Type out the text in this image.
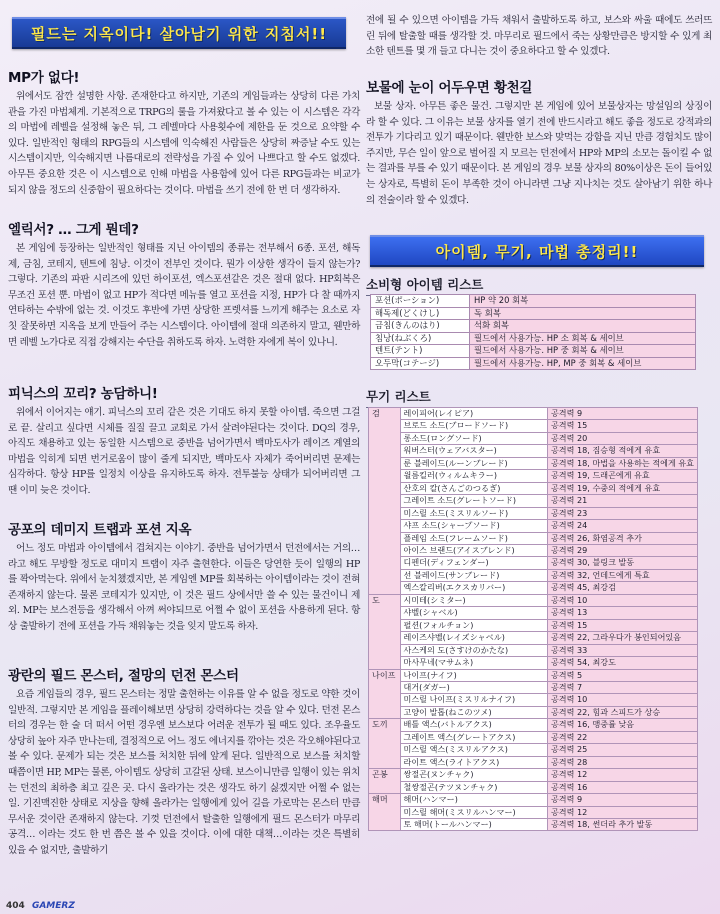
필드는 지옥이다! 살아남기 위한 지침서!!
MP가 없다!

위에서도 잠깐 설명한 사항. 존재한다고 하지만, 기존의 게임들과는 상당히 다른 가치관을 가진 마법체계. 기본적으로 TRPG의 룰을 가져왔다고 볼 수 있는 이 시스템은 각각의 마법에 레벨을 설정해 놓은 뒤, 그 레벨마다 사용횟수에 제한을 둔 것으로 요약할 수 있다. 일반적인 형태의 RPG들의 시스템에 익숙해진 사람들은 상당히 짜증날 수도 있는 시스템이지만, 익숙해지면 나름대로의 전략성을 가질 수 있어 나쁘다고 할 수도 없겠다. 아무튼 중요한 것은 이 시스템으로 인해 마법을 사용함에 있어 다른 RPG들과는 비교가 되지 않을 정도의 신중함이 필요하다는 것이다. 마법을 쓰기 전에 한 번 더 생각하자.

엘릭서? … 그게 뭔데?

본 게임에 등장하는 일반적인 형태를 지닌 아이템의 종류는 전부해서 6종. 포션, 해독제, 금침, 코테지, 텐트에 침낭. 이것이 전부인 것이다. 뭔가 이상한 생각이 들지 않는가? 그렇다. 기존의 파판 시리즈에 있던 하이포션, 엑스포션같은 것은 절대 없다. HP회복은 무조건 포션 뿐. 마법이 없고 HP가 적다면 메뉴를 열고 포션을 지정, HP가 다 찰 때까지 연타하는 수밖에 없는 것. 이것도 후반에 가면 상당한 프렛셔를 느끼게 해주는 요소로 자칫 잘못하면 지옥을 보게 만들어 주는 시스템이다. 아이템에 절대 의존하지 말고, 웬만하면 레벨 노가다로 직접 강해지는 수단을 취하도록 하자. 노력한 자에게 복이 있나니.

피닉스의 꼬리? 농담하니!

위에서 이어지는 얘기. 피닉스의 꼬리 같은 것은 기대도 하지 못할 아이템. 죽으면 그걸로 끝. 살리고 싶다면 시체를 질질 끌고 교회로 가서 살려야된다는 것이다. DQ의 경우, 아직도 채용하고 있는 동일한 시스템으로 중반을 넘어가면서 백마도사가 레이즈 계열의 마법을 익히게 되면 번거로움이 많이 줄게 되지만, 백마도사 자체가 죽어버리면 문제는 심각하다. 항상 HP를 일정치 이상을 유지하도록 하자. 전투불능 상태가 되어버리면 그 땐 이미 늦은 것이다.

공포의 데미지 트랩과 포션 지옥

어느 정도 마법과 아이템에서 겹쳐지는 이야기. 중반을 넘어가면서 던전에서는 거의… 라고 해도 무방할 정도로 대미지 트랩이 자주 출현한다. 이들은 당연한 듯이 일행의 HP를 꽉아먹는다. 위에서 눈치챘겠지만, 본 게임엔 MP를 회복하는 아이템이라는 것이 전혀 존재하지 않는다. 물론 코테지가 있지만, 이 것은 필드 상에서만 쓸 수 있는 물건이니 제외. MP는 보스전등을 생각해서 아껴 써야되므로 어쩔 수 없이 포션을 사용하게 된다. 항상 출발하기 전에 포션을 가득 채워놓는 것을 잊지 말도록 하자.

광란의 필드 몬스터, 절망의 던전 몬스터

요즘 게임들의 경우, 필드 몬스터는 정말 출현하는 이유를 알 수 없을 정도로 약한 것이 일반적. 그렇지만 본 게임을 플레이해보면 상당히 강력하다는 것을 알 수 있다. 던전 몬스터의 경우는 한 술 더 떠서 어떤 경우엔 보스보다 어려운 전투가 될 때도 있다. 조우율도 상당히 높아 자주 만나는데, 결정적으로 어느 정도 에너지를 깎아는 것은 각오해야된다고 볼 수 있다. 문제가 되는 것은 보스를 처치한 뒤에 앞게 된다. 일반적으로 보스를 처치할 때쯤이면 HP, MP는 물론, 아이템도 상당히 고갈된 상태. 보스이니만큼 일행이 있는 위치는 던전의 최하층 최고 깊은 곳. 다시 올라가는 것은 생각도 하기 싫겠지만 어쩔 수 없는 일. 기진맥진한 상태로 지상을 향해 올라가는 일행에게 있어 길을 가로막는 몬스터 만큼 무서운 것이란 존재하지 않는다. 기껏 던전에서 탈출한 일행에게 필드 몬스터가 마무리 공격… 이라는 것도 한 번 쯤은 볼 수 있을 것이다. 이에 대한 대책…이라는 것은 특별히 있을 수 없지만, 출발하기

전에 될 수 있으면 아이템을 가득 채워서 출발하도록 하고, 보스와 싸울 때에도 쓰러뜨린 뒤에 탈출할 때를 생각할 것. 마무리로 필드에서 죽는 상황만큼은 방지할 수 있게 최소한 텐트를 몇 개 들고 다니는 것이 중요하다고 할 수 있겠다.

보물에 눈이 어두우면 황천길

보물 상자. 아무튼 좋은 물건. 그렇지만 본 게임에 있어 보물상자는 망설임의 상징이라 할 수 있다. 그 이유는 보물 상자를 열기 전에 반드시라고 해도 좋을 정도로 강적과의 전투가 기다리고 있기 때문이다. 웬만한 보스와 맞먹는 강함을 지닌 만큼 경험치도 많이 주지만, 무슨 일이 앞으로 벌어질 지 모르는 던전에서 HP와 MP의 소모는 돌이킬 수 없는 결과를 부를 수 있기 때문이다. 본 게임의 경우 보물 상자의 80%이상은 돈이 들어있는 상자로, 특별히 돈이 부족한 것이 아니라면 그냥 지나치는 것도 살아남기 위한 하나의 전술이라 할 수 있겠다.

아이템, 무기, 마법 총정리!!
소비형 아이템 리스트
포션(ポーション)	HP 약 20 회복
해독제(どくけし)	독 회복
금침(きんのはり)	석화 회복
침낭(ねぶくろ)	필드에서 사용가능. HP 소 회복 & 세이브
텐트(テント)	필드에서 사용가능. HP 중 회복 & 세이브
오두막(コテージ)	필드에서 사용가능. HP, MP 중 회복 & 세이브
무기 리스트
검	레이피어(レイピア)	공격력 9
	브로드 소드(ブロードソード)	공격력 15
	롱소드(ロングソード)	공격력 20
	워버스터(ウェアバスター)	공격력 18, 짐승형 적에게 유효
	룬 블레이드(ルーンブレード)	공격력 18, 마법을 사용하는 적에게 유효
	윌름킬러(ウィルムキラー)	공격력 19, 드래곤에게 유효
	산호의 칼(さんごのつるぎ)	공격력 19, 수중의 적에게 유효
	그레이트 소드(グレートソード)	공격력 21
	미스릴 소드(ミスリルソード)	공격력 23
	샤프 소드(シャープソード)	공격력 24
	플레임 소드(フレームソード)	공격력 26, 화염공격 추가
	아이스 브랜드(アイスブレンド)	공격력 29
	디펜더(ディフェンダー)	공격력 30, 블링크 발동
	선 블레이드(サンブレード)	공격력 32, 언데드에게 특효
	엑스칼리버(エクスカリバー)	공격력 45, 최강검
도	시미테(シミター)	공격력 10
	샤벨(シャベル)	공격력 13
	펄션(フォルチョン)	공격력 15
	레이즈샤벨(レイズシャベル)	공격력 22, 그라우다가 봉인되어있음
	사스케의 도(さすけのかたな)	공격력 33
	마사무네(マサムネ)	공격력 54, 최강도
나이프	나이프(ナイフ)	공격력 5
	대거(ダガー)	공격력 7
	미스릴 나이프(ミスリルナイフ)	공격력 10
	고양이 발톱(ねこのツメ)	공격력 22, 힘과 스피드가 상승
도끼	배틀 액스(バトルアクス)	공격력 16, 맹중률 낮음
	그레이트 액스(グレートアクス)	공격력 22
	미스릴 액스(ミスリルアクス)	공격력 25
	라이트 액스(ライトアクス)	공격력 28
곤봉	쌍절곤(ヌンチャク)	공격력 12
	철쌍절곤(テツヌンチャク)	공격력 16
해머	해머(ハンマー)	공격력 9
	미스릴 해머(ミスリルハンマー)	공격력 12
	토 해머(トールハンマー)	공격력 18, 썬더라 추가 발동
404 GAMERZ
